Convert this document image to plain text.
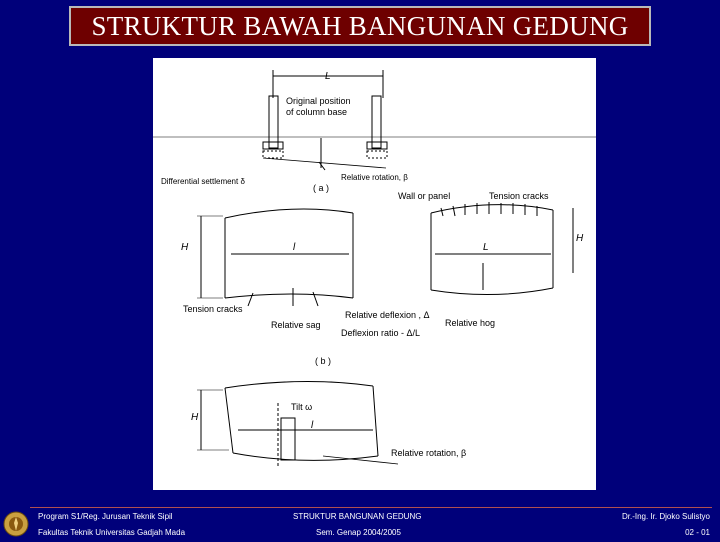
STRUKTUR BAWAH BANGUNAN GEDUNG
L
Original position
of column base
Differential settlement δ	Relative rotation, β
( a )
H	l
Tension cracks
Relative sag
L
H
Wall or panel	Tension cracks
Relative deflexion , Δ
Relative hog
Deflexion ratio - Δ/L
( b )
H
Tilt ω
l
Relative rotation, β
Program S1/Reg. Jurusan Teknik Sipil
Fakultas Teknik Universitas Gadjah Mada
STRUKTUR BANGUNAN GEDUNG
Sem. Genap 2004/2005
Dr.-Ing. Ir. Djoko Sulistyo
02 - 01
